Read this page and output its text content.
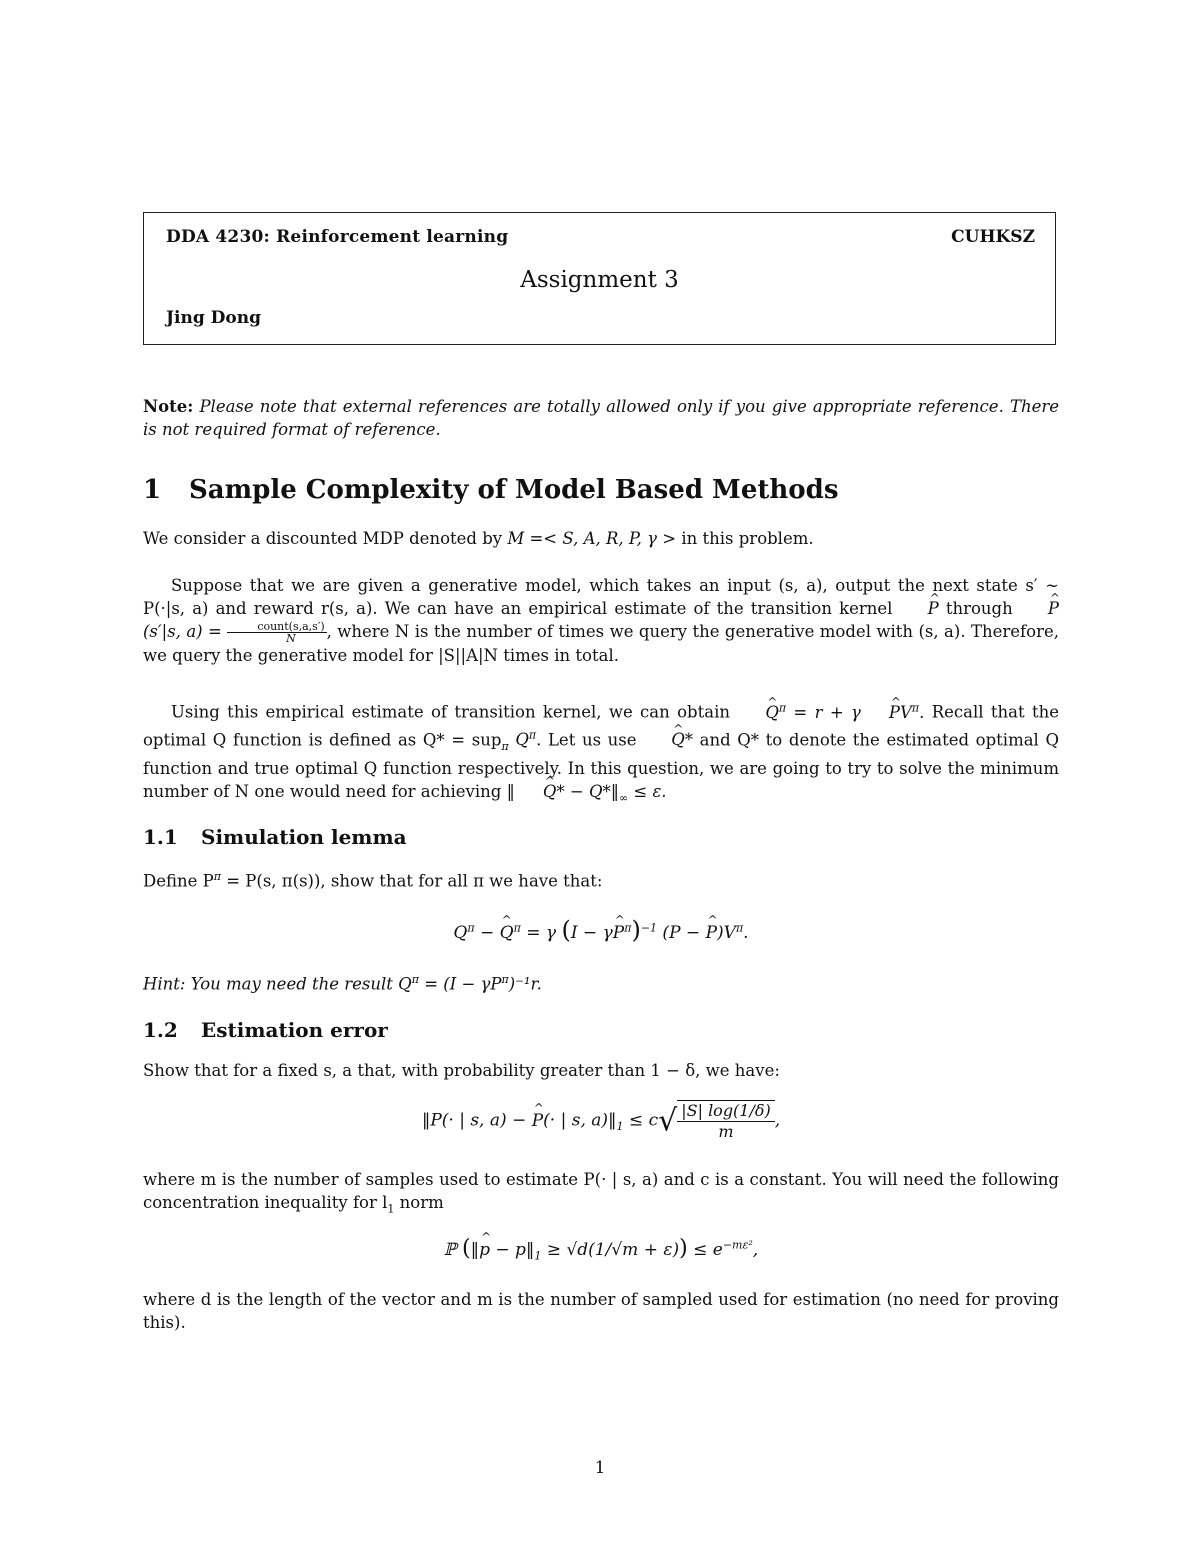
DDA 4230: Reinforcement learning	CUHKSZ
Assignment 3
Jing Dong
Note: Please note that external references are totally allowed only if you give appropriate reference. There is not required format of reference.
1 Sample Complexity of Model Based Methods
We consider a discounted MDP denoted by M =< S, A, R, P, γ > in this problem.
Suppose that we are given a generative model, which takes an input (s, a), output the next state s′ ∼ P(·|s, a) and reward r(s, a). We can have an empirical estimate of the transition kernel ^ P through ^ P(s′|s, $a) = \frac{\text{count(s,a,s′)}}{N}$ , where N is the number of times we query the generative model with (s, a). Therefore, we query the generative model for |S||A|N times in total.
Using this empirical estimate of transition kernel, we can obtain ^ $Q^\pi = r$ + γ^ $PV^\pi$. Recall that the optimal Q function is defined as Q* = sup$_\pi$ $Q^\pi$. Let us use ^ Q* and Q* to denote the estimated optimal Q function and true optimal Q function respectively. In this question, we are going to try to solve the minimum number of N one would need for achieving ‖^ $Q* - Q*‖_\infty \le \varepsilon$.
1.1 Simulation lemma
Define $P^\pi = P(s$, π(s)), show that for all π we have that:
$Q^\pi$ − ^ $Q^\pi = \gamma$ (I − γ^ $P^\pi)^{-1}$ (P − ^ $P)V^\pi$.
Hint: You may need the result $Q^\pi = (I - \gamma P^\pi)^{-1}r$.
1.2 Estimation error
Show that for a fixed s, a that, with probability greater than 1 − δ, we have:
‖P(· | s, a) − ^ P(· | s, $a)‖_1 \le c√ \frac{|S| \log(1/\delta)}{m}$ ,
where m is the number of samples used to estimate P(· | s, a) and c is a constant. You will need the following concentration inequality for $l_1$ norm
ℙ (‖^ $p - p‖_1 \ge √d(1/√m + \varepsilon)) \le e^{-m\varepsilon^2}$,
where d is the length of the vector and m is the number of sampled used for estimation (no need for proving this).
1
